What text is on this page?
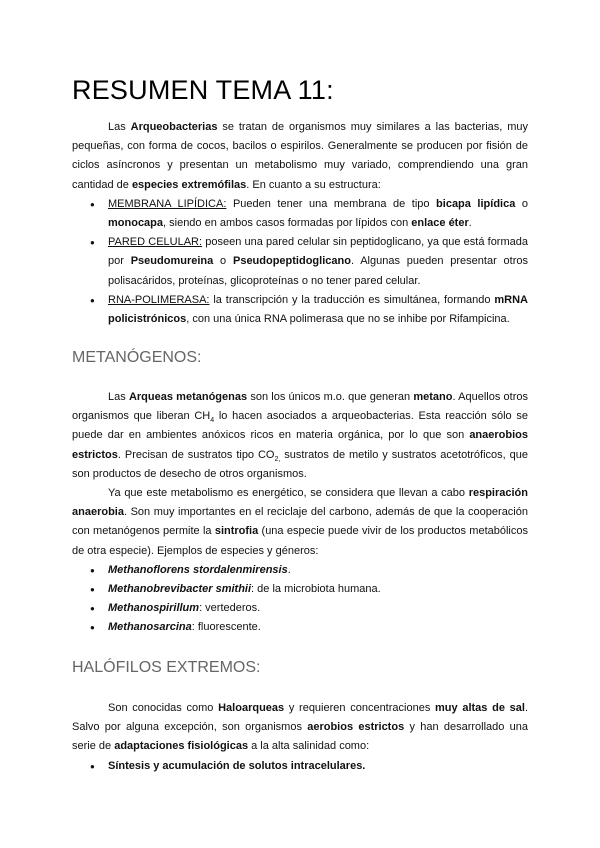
RESUMEN TEMA 11:

Las Arqueobacterias se tratan de organismos muy similares a las bacterias, muy pequeñas, con forma de cocos, bacilos o espirilos. Generalmente se producen por fisión de ciclos asíncronos y presentan un metabolismo muy variado, comprendiendo una gran cantidad de especies extremófilas. En cuanto a su estructura:

● MEMBRANA LIPÍDICA: Pueden tener una membrana de tipo bicapa lipídica o monocapa, siendo en ambos casos formadas por lípidos con enlace éter.
● PARED CELULAR: poseen una pared celular sin peptidoglicano, ya que está formada por Pseudomureina o Pseudopeptidoglicano. Algunas pueden presentar otros polisacáridos, proteínas, glicoproteínas o no tener pared celular.
● RNA-POLIMERASA: la transcripción y la traducción es simultánea, formando mRNA policistrónicos, con una única RNA polimerasa que no se inhibe por Rifampicina.
METANÓGENOS:

Las Arqueas metanógenas son los únicos m.o. que generan metano. Aquellos otros organismos que liberan $CH_4$ lo hacen asociados a arqueobacterias. Esta reacción sólo se puede dar en ambientes anóxicos ricos en materia orgánica, por lo que son anaerobios estrictos. Precisan de sustratos tipo $CO_{2,}$ sustratos de metilo y sustratos acetotróficos, que son productos de desecho de otros organismos.

Ya que este metabolismo es energético, se considera que llevan a cabo respiración anaerobia. Son muy importantes en el reciclaje del carbono, además de que la cooperación con metanógenos permite la sintrofia (una especie puede vivir de los productos metabólicos de otra especie). Ejemplos de especies y géneros:

● Methanoflorens stordalenmirensis.
● Methanobrevibacter smithii: de la microbiota humana.
● Methanospirillum: vertederos.
● Methanosarcina: fluorescente.
HALÓFILOS EXTREMOS:

Son conocidas como Haloarqueas y requieren concentraciones muy altas de sal. Salvo por alguna excepción, son organismos aerobios estrictos y han desarrollado una serie de adaptaciones fisiológicas a la alta salinidad como:

● Síntesis y acumulación de solutos intracelulares.
